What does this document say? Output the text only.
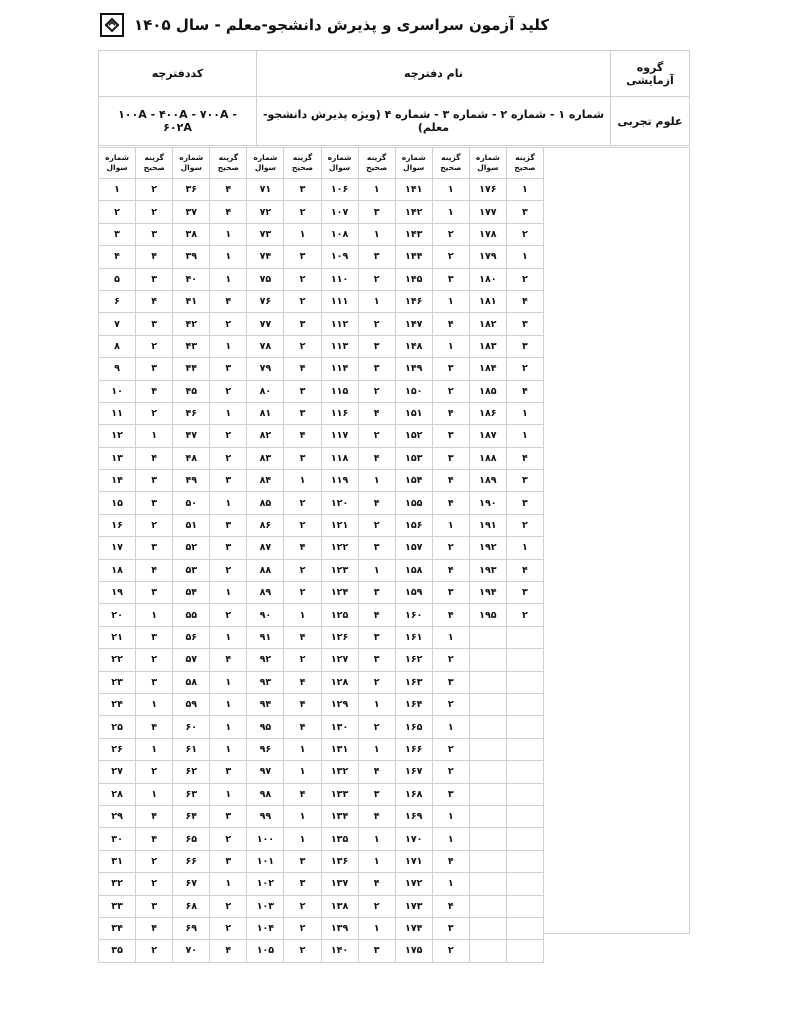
کلید آزمون سراسری و پذیرش دانشجو-معلم - سال ۱۴۰۵
گروه آزمایشی	نام دفترچه	کددفترچه
علوم تجربی	شماره ۱ - شماره ۲ - شماره ۳ - شماره ۴ (ویژه پذیرش دانشجو-معلم)	۱۰۰A - ۴۰۰A - ۷۰۰A - ۶۰۲A
گزینه صحیح	شماره سوال	گزینه صحیح	شماره سوال	گزینه صحیح	شماره سوال	گزینه صحیح	شماره سوال	گزینه صحیح	شماره سوال	گزینه صحیح	شماره سوال
۱	۱۷۶	۱	۱۴۱	۱	۱۰۶	۳	۷۱	۴	۳۶	۲	۱
۳	۱۷۷	۱	۱۴۲	۳	۱۰۷	۲	۷۲	۴	۳۷	۲	۲
۲	۱۷۸	۲	۱۴۳	۱	۱۰۸	۱	۷۳	۱	۳۸	۳	۳
۱	۱۷۹	۲	۱۴۴	۳	۱۰۹	۳	۷۴	۱	۳۹	۴	۴
۲	۱۸۰	۳	۱۴۵	۲	۱۱۰	۲	۷۵	۱	۴۰	۳	۵
۴	۱۸۱	۱	۱۴۶	۱	۱۱۱	۲	۷۶	۴	۴۱	۴	۶
۳	۱۸۲	۴	۱۴۷	۲	۱۱۲	۳	۷۷	۲	۴۲	۳	۷
۳	۱۸۳	۱	۱۴۸	۳	۱۱۳	۲	۷۸	۱	۴۳	۲	۸
۲	۱۸۴	۳	۱۴۹	۳	۱۱۴	۴	۷۹	۳	۴۴	۳	۹
۴	۱۸۵	۲	۱۵۰	۲	۱۱۵	۳	۸۰	۲	۴۵	۴	۱۰
۱	۱۸۶	۴	۱۵۱	۴	۱۱۶	۳	۸۱	۱	۴۶	۲	۱۱
۱	۱۸۷	۳	۱۵۲	۲	۱۱۷	۴	۸۲	۲	۴۷	۱	۱۲
۴	۱۸۸	۳	۱۵۳	۴	۱۱۸	۳	۸۳	۲	۴۸	۴	۱۳
۳	۱۸۹	۴	۱۵۴	۱	۱۱۹	۱	۸۴	۳	۴۹	۳	۱۴
۳	۱۹۰	۴	۱۵۵	۴	۱۲۰	۲	۸۵	۱	۵۰	۳	۱۵
۲	۱۹۱	۱	۱۵۶	۲	۱۲۱	۲	۸۶	۳	۵۱	۲	۱۶
۱	۱۹۲	۲	۱۵۷	۳	۱۲۲	۴	۸۷	۳	۵۲	۳	۱۷
۴	۱۹۳	۴	۱۵۸	۱	۱۲۳	۲	۸۸	۲	۵۳	۴	۱۸
۳	۱۹۴	۳	۱۵۹	۳	۱۲۴	۲	۸۹	۱	۵۴	۳	۱۹
۲	۱۹۵	۴	۱۶۰	۴	۱۲۵	۱	۹۰	۲	۵۵	۱	۲۰
		۱	۱۶۱	۳	۱۲۶	۴	۹۱	۱	۵۶	۳	۲۱
		۲	۱۶۲	۳	۱۲۷	۲	۹۲	۴	۵۷	۲	۲۲
		۳	۱۶۳	۲	۱۲۸	۴	۹۳	۱	۵۸	۳	۲۳
		۲	۱۶۴	۱	۱۲۹	۴	۹۴	۱	۵۹	۱	۲۴
		۱	۱۶۵	۲	۱۳۰	۴	۹۵	۱	۶۰	۴	۲۵
		۲	۱۶۶	۱	۱۳۱	۱	۹۶	۱	۶۱	۱	۲۶
		۲	۱۶۷	۴	۱۳۲	۱	۹۷	۳	۶۲	۲	۲۷
		۳	۱۶۸	۳	۱۳۳	۴	۹۸	۱	۶۳	۱	۲۸
		۱	۱۶۹	۴	۱۳۴	۱	۹۹	۳	۶۴	۴	۲۹
		۱	۱۷۰	۱	۱۳۵	۱	۱۰۰	۲	۶۵	۴	۳۰
		۴	۱۷۱	۱	۱۳۶	۳	۱۰۱	۳	۶۶	۲	۳۱
		۱	۱۷۲	۴	۱۳۷	۳	۱۰۲	۱	۶۷	۲	۳۲
		۴	۱۷۳	۲	۱۳۸	۲	۱۰۳	۲	۶۸	۳	۳۳
		۳	۱۷۴	۱	۱۳۹	۲	۱۰۴	۲	۶۹	۴	۳۴
		۲	۱۷۵	۳	۱۴۰	۲	۱۰۵	۴	۷۰	۲	۳۵
